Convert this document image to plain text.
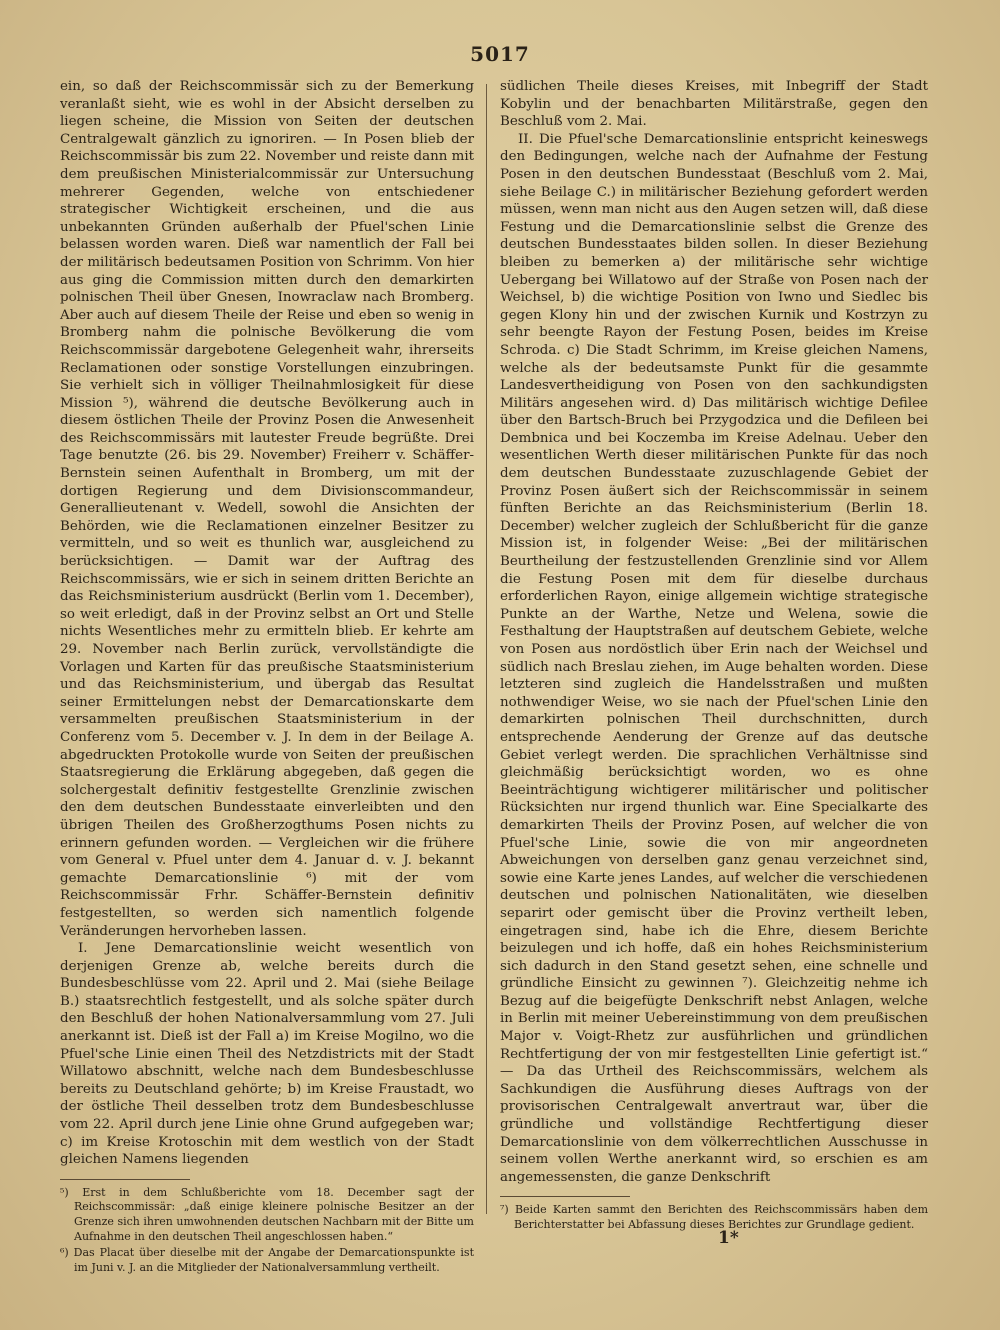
5017

ein, so daß der Reichscommissär sich zu der Bemerkung veranlaßt sieht, wie es wohl in der Absicht derselben zu liegen scheine, die Mission von Seiten der deutschen Centralgewalt gänzlich zu ignoriren. — In Posen blieb der Reichscommissär bis zum 22. November und reiste dann mit dem preußischen Ministerialcommissär zur Untersuchung mehrerer Gegenden, welche von entschiedener strategischer Wichtigkeit erscheinen, und die aus unbekannten Gründen außerhalb der Pfuel'schen Linie belassen worden waren. Dieß war namentlich der Fall bei der militärisch bedeutsamen Position von Schrimm. Von hier aus ging die Commission mitten durch den demarkirten polnischen Theil über Gnesen, Inowraclaw nach Bromberg. Aber auch auf diesem Theile der Reise und eben so wenig in Bromberg nahm die polnische Bevölkerung die vom Reichscommissär dargebotene Gelegenheit wahr, ihrerseits Reclamationen oder sonstige Vorstellungen einzubringen. Sie verhielt sich in völliger Theilnahmlosigkeit für diese Mission ⁵), während die deutsche Bevölkerung auch in diesem östlichen Theile der Provinz Posen die Anwesenheit des Reichscommissärs mit lautester Freude begrüßte. Drei Tage benutzte (26. bis 29. November) Freiherr v. Schäffer-Bernstein seinen Aufenthalt in Bromberg, um mit der dortigen Regierung und dem Divisionscommandeur, Generallieutenant v. Wedell, sowohl die Ansichten der Behörden, wie die Reclamationen einzelner Besitzer zu vermitteln, und so weit es thunlich war, ausgleichend zu berücksichtigen. — Damit war der Auftrag des Reichscommissärs, wie er sich in seinem dritten Berichte an das Reichsministerium ausdrückt (Berlin vom 1. December), so weit erledigt, daß in der Provinz selbst an Ort und Stelle nichts Wesentliches mehr zu ermitteln blieb. Er kehrte am 29. November nach Berlin zurück, vervollständigte die Vorlagen und Karten für das preußische Staatsministerium und das Reichsministerium, und übergab das Resultat seiner Ermittelungen nebst der Demarcationskarte dem versammelten preußischen Staatsministerium in der Conferenz vom 5. December v. J. In dem in der Beilage A. abgedruckten Protokolle wurde von Seiten der preußischen Staatsregierung die Erklärung abgegeben, daß gegen die solchergestalt definitiv festgestellte Grenzlinie zwischen den dem deutschen Bundesstaate einverleibten und den übrigen Theilen des Großherzogthums Posen nichts zu erinnern gefunden worden. — Vergleichen wir die frühere vom General v. Pfuel unter dem 4. Januar d. v. J. bekannt gemachte Demarcationslinie ⁶) mit der vom Reichscommissär Frhr. Schäffer-Bernstein definitiv festgestellten, so werden sich namentlich folgende Veränderungen hervorheben lassen.

I. Jene Demarcationslinie weicht wesentlich von derjenigen Grenze ab, welche bereits durch die Bundesbeschlüsse vom 22. April und 2. Mai (siehe Beilage B.) staatsrechtlich festgestellt, und als solche später durch den Beschluß der hohen Nationalversammlung vom 27. Juli anerkannt ist. Dieß ist der Fall a) im Kreise Mogilno, wo die Pfuel'sche Linie einen Theil des Netzdistricts mit der Stadt Willatowo abschnitt, welche nach dem Bundesbeschlusse bereits zu Deutschland gehörte; b) im Kreise Fraustadt, wo der östliche Theil desselben trotz dem Bundesbeschlusse vom 22. April durch jene Linie ohne Grund aufgegeben war; c) im Kreise Krotoschin mit dem westlich von der Stadt gleichen Namens liegenden

⁵) Erst in dem Schlußberichte vom 18. December sagt der Reichscommissär: „daß einige kleinere polnische Besitzer an der Grenze sich ihren umwohnenden deutschen Nachbarn mit der Bitte um Aufnahme in den deutschen Theil angeschlossen haben.“

⁶) Das Placat über dieselbe mit der Angabe der Demarcationspunkte ist im Juni v. J. an die Mitglieder der Nationalversammlung vertheilt.

südlichen Theile dieses Kreises, mit Inbegriff der Stadt Kobylin und der benachbarten Militärstraße, gegen den Beschluß vom 2. Mai.

II. Die Pfuel'sche Demarcationslinie entspricht keineswegs den Bedingungen, welche nach der Aufnahme der Festung Posen in den deutschen Bundesstaat (Beschluß vom 2. Mai, siehe Beilage C.) in militärischer Beziehung gefordert werden müssen, wenn man nicht aus den Augen setzen will, daß diese Festung und die Demarcationslinie selbst die Grenze des deutschen Bundesstaates bilden sollen. In dieser Beziehung bleiben zu bemerken a) der militärische sehr wichtige Uebergang bei Willatowo auf der Straße von Posen nach der Weichsel, b) die wichtige Position von Iwno und Siedlec bis gegen Klony hin und der zwischen Kurnik und Kostrzyn zu sehr beengte Rayon der Festung Posen, beides im Kreise Schroda. c) Die Stadt Schrimm, im Kreise gleichen Namens, welche als der bedeutsamste Punkt für die gesammte Landesvertheidigung von Posen von den sachkundigsten Militärs angesehen wird. d) Das militärisch wichtige Defilee über den Bartsch-Bruch bei Przygodzica und die Defileen bei Dembnica und bei Koczemba im Kreise Adelnau. Ueber den wesentlichen Werth dieser militärischen Punkte für das noch dem deutschen Bundesstaate zuzuschlagende Gebiet der Provinz Posen äußert sich der Reichscommissär in seinem fünften Berichte an das Reichsministerium (Berlin 18. December) welcher zugleich der Schlußbericht für die ganze Mission ist, in folgender Weise: „Bei der militärischen Beurtheilung der festzustellenden Grenzlinie sind vor Allem die Festung Posen mit dem für dieselbe durchaus erforderlichen Rayon, einige allgemein wichtige strategische Punkte an der Warthe, Netze und Welena, sowie die Festhaltung der Hauptstraßen auf deutschem Gebiete, welche von Posen aus nordöstlich über Erin nach der Weichsel und südlich nach Breslau ziehen, im Auge behalten worden. Diese letzteren sind zugleich die Handelsstraßen und mußten nothwendiger Weise, wo sie nach der Pfuel'schen Linie den demarkirten polnischen Theil durchschnitten, durch entsprechende Aenderung der Grenze auf das deutsche Gebiet verlegt werden. Die sprachlichen Verhältnisse sind gleichmäßig berücksichtigt worden, wo es ohne Beeinträchtigung wichtigerer militärischer und politischer Rücksichten nur irgend thunlich war. Eine Specialkarte des demarkirten Theils der Provinz Posen, auf welcher die von Pfuel'sche Linie, sowie die von mir angeordneten Abweichungen von derselben ganz genau verzeichnet sind, sowie eine Karte jenes Landes, auf welcher die verschiedenen deutschen und polnischen Nationalitäten, wie dieselben separirt oder gemischt über die Provinz vertheilt leben, eingetragen sind, habe ich die Ehre, diesem Berichte beizulegen und ich hoffe, daß ein hohes Reichsministerium sich dadurch in den Stand gesetzt sehen, eine schnelle und gründliche Einsicht zu gewinnen ⁷). Gleichzeitig nehme ich Bezug auf die beigefügte Denkschrift nebst Anlagen, welche in Berlin mit meiner Uebereinstimmung von dem preußischen Major v. Voigt-Rhetz zur ausführlichen und gründlichen Rechtfertigung der von mir festgestellten Linie gefertigt ist.“ — Da das Urtheil des Reichscommissärs, welchem als Sachkundigen die Ausführung dieses Auftrags von der provisorischen Centralgewalt anvertraut war, über die gründliche und vollständige Rechtfertigung dieser Demarcationslinie von dem völkerrechtlichen Ausschusse in seinem vollen Werthe anerkannt wird, so erschien es am angemessensten, die ganze Denkschrift

⁷) Beide Karten sammt den Berichten des Reichscommissärs haben dem Berichterstatter bei Abfassung dieses Berichtes zur Grundlage gedient.

1*
